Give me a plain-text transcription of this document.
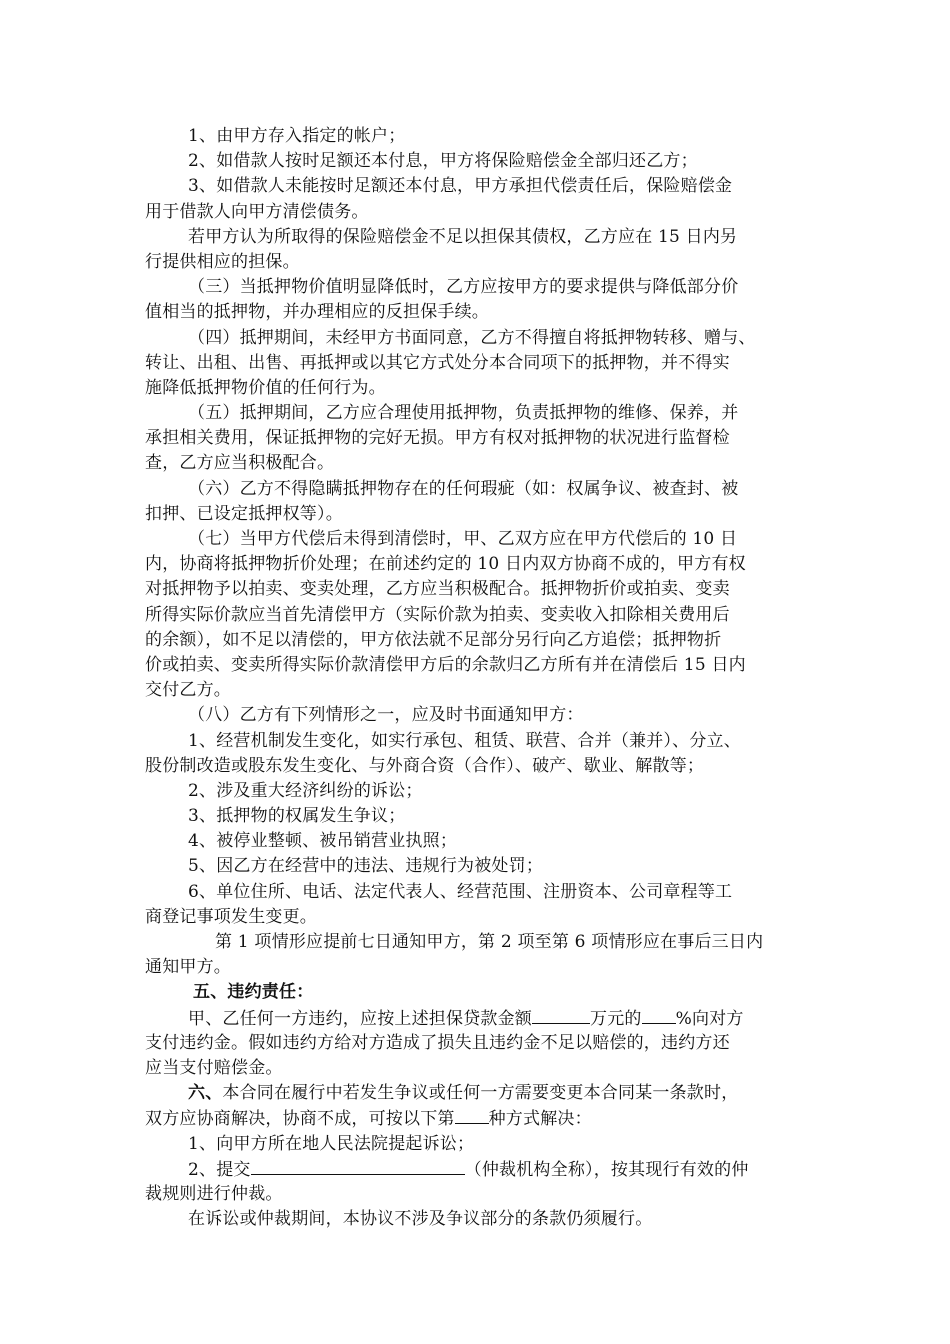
1、由甲方存入指定的帐户；
2、如借款人按时足额还本付息，甲方将保险赔偿金全部归还乙方；
3、如借款人未能按时足额还本付息，甲方承担代偿责任后，保险赔偿金
用于借款人向甲方清偿债务。
若甲方认为所取得的保险赔偿金不足以担保其债权，乙方应在 15 日内另
行提供相应的担保。
（三）当抵押物价值明显降低时，乙方应按甲方的要求提供与降低部分价
值相当的抵押物，并办理相应的反担保手续。
（四）抵押期间，未经甲方书面同意，乙方不得擅自将抵押物转移、赠与、
转让、出租、出售、再抵押或以其它方式处分本合同项下的抵押物，并不得实
施降低抵押物价值的任何行为。
（五）抵押期间，乙方应合理使用抵押物，负责抵押物的维修、保养，并
承担相关费用，保证抵押物的完好无损。甲方有权对抵押物的状况进行监督检
查，乙方应当积极配合。
（六）乙方不得隐瞒抵押物存在的任何瑕疵（如：权属争议、被查封、被
扣押、已设定抵押权等）。
（七）当甲方代偿后未得到清偿时，甲、乙双方应在甲方代偿后的 10 日
内，协商将抵押物折价处理；在前述约定的 10 日内双方协商不成的，甲方有权
对抵押物予以拍卖、变卖处理，乙方应当积极配合。抵押物折价或拍卖、变卖
所得实际价款应当首先清偿甲方（实际价款为拍卖、变卖收入扣除相关费用后
的余额），如不足以清偿的，甲方依法就不足部分另行向乙方追偿；抵押物折
价或拍卖、变卖所得实际价款清偿甲方后的余款归乙方所有并在清偿后 15 日内
交付乙方。
（八）乙方有下列情形之一，应及时书面通知甲方：
1、经营机制发生变化，如实行承包、租赁、联营、合并（兼并）、分立、
股份制改造或股东发生变化、与外商合资（合作）、破产、歇业、解散等；
2、涉及重大经济纠纷的诉讼；
3、抵押物的权属发生争议；
4、被停业整顿、被吊销营业执照；
5、因乙方在经营中的违法、违规行为被处罚；
6、单位住所、电话、法定代表人、经营范围、注册资本、公司章程等工
商登记事项发生变更。
第 1 项情形应提前七日通知甲方，第 2 项至第 6 项情形应在事后三日内
通知甲方。
五、违约责任：
甲、乙任何一方违约，应按上述担保贷款金额	万元的 %向对方
支付违约金。假如违约方给对方造成了损失且违约金不足以赔偿的，违约方还
应当支付赔偿金。
六、本合同在履行中若发生争议或任何一方需要变更本合同某一条款时，
双方应协商解决，协商不成，可按以下第 种方式解决：
1、向甲方所在地人民法院提起诉讼；
2、提交	（仲裁机构全称），按其现行有效的仲
裁规则进行仲裁。
在诉讼或仲裁期间，本协议不涉及争议部分的条款仍须履行。
